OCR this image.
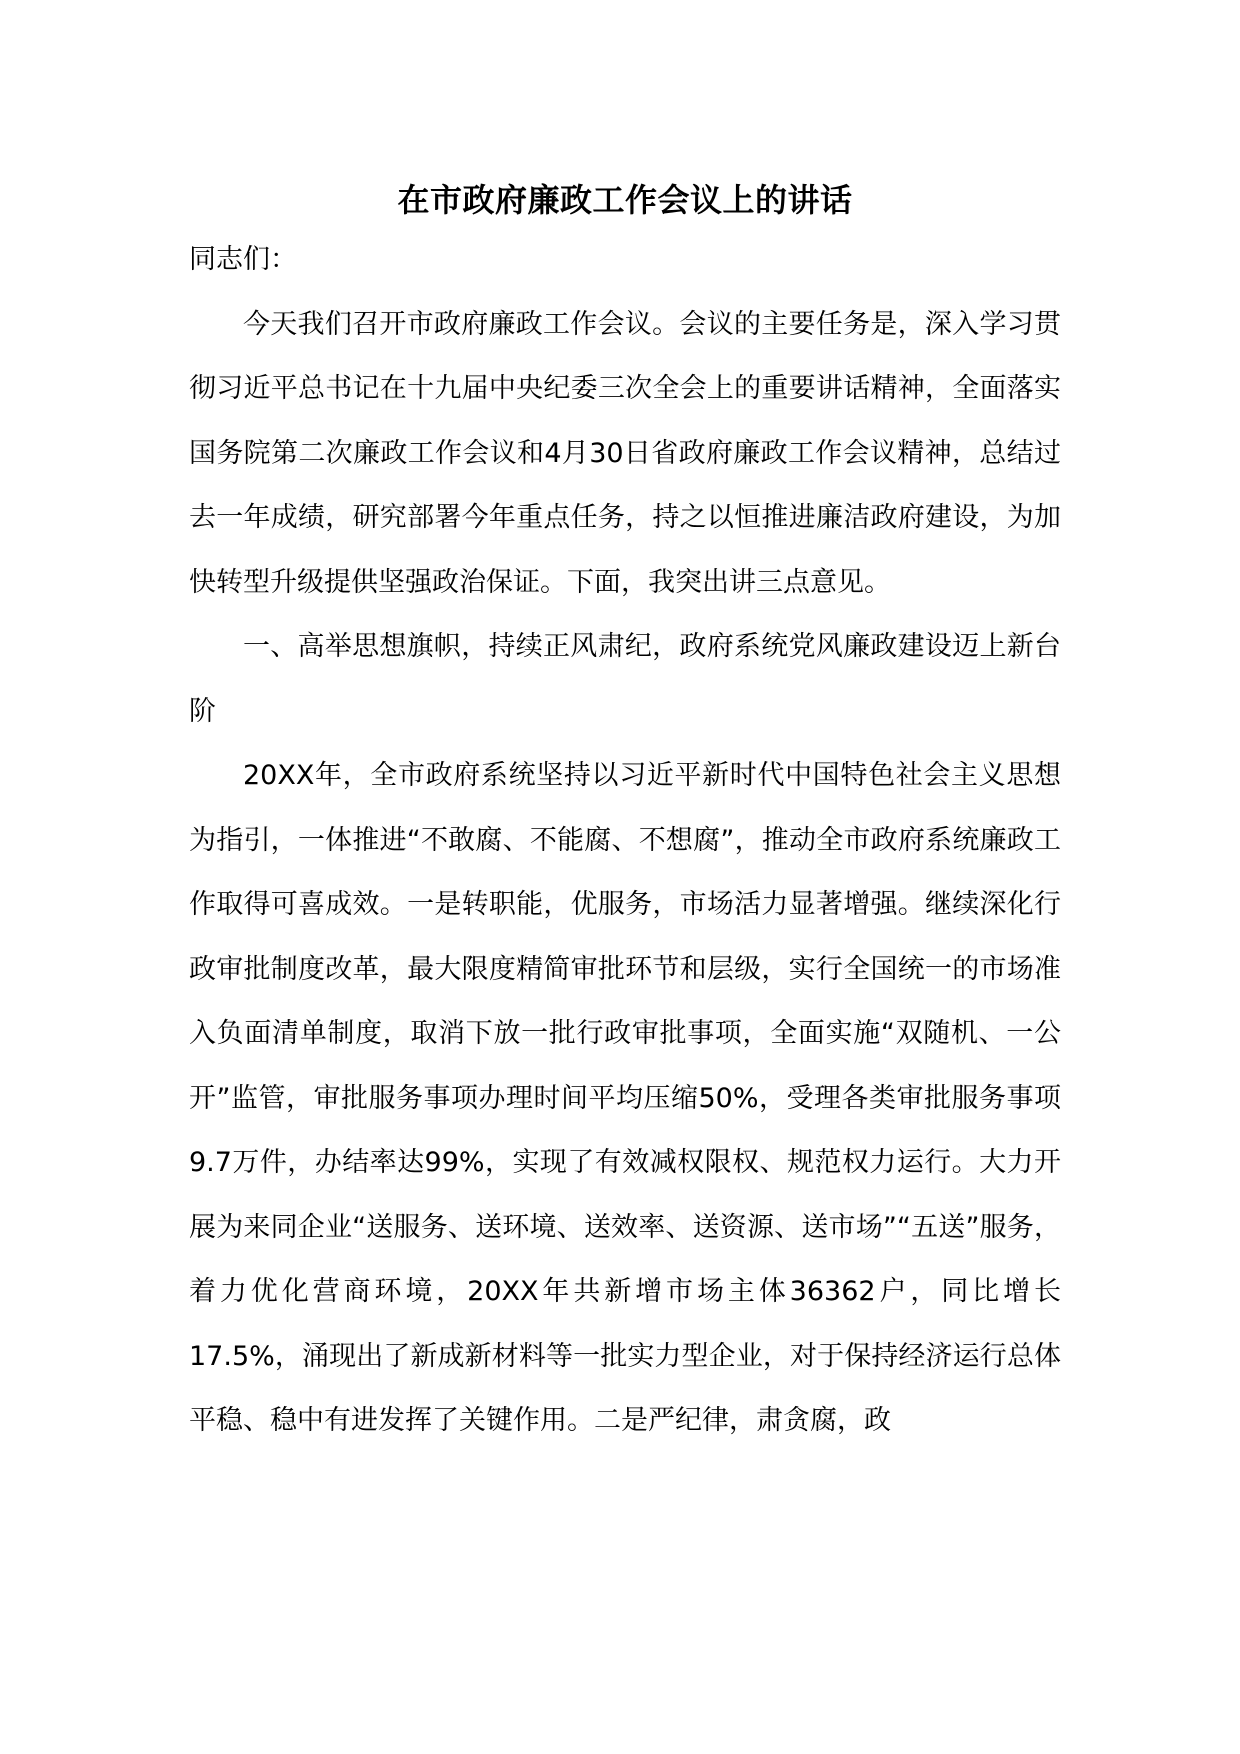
在市政府廉政工作会议上的讲话

同志们：

今天我们召开市政府廉政工作会议。会议的主要任务是，深入学习贯彻习近平总书记在十九届中央纪委三次全会上的重要讲话精神，全面落实国务院第二次廉政工作会议和4月30日省政府廉政工作会议精神，总结过去一年成绩，研究部署今年重点任务，持之以恒推进廉洁政府建设，为加快转型升级提供坚强政治保证。下面，我突出讲三点意见。

一、高举思想旗帜，持续正风肃纪，政府系统党风廉政建设迈上新台阶

20XX年，全市政府系统坚持以习近平新时代中国特色社会主义思想为指引，一体推进“不敢腐、不能腐、不想腐”，推动全市政府系统廉政工作取得可喜成效。一是转职能，优服务，市场活力显著增强。继续深化行政审批制度改革，最大限度精简审批环节和层级，实行全国统一的市场准入负面清单制度，取消下放一批行政审批事项，全面实施“双随机、一公开”监管，审批服务事项办理时间平均压缩50%，受理各类审批服务事项9.7万件，办结率达99%，实现了有效减权限权、规范权力运行。大力开展为来同企业“送服务、送环境、送效率、送资源、送市场”“五送”服务，着力优化营商环境，20XX年共新增市场主体36362户，同比增长17.5%，涌现出了新成新材料等一批实力型企业，对于保持经济运行总体平稳、稳中有进发挥了关键作用。二是严纪律，肃贪腐，政
